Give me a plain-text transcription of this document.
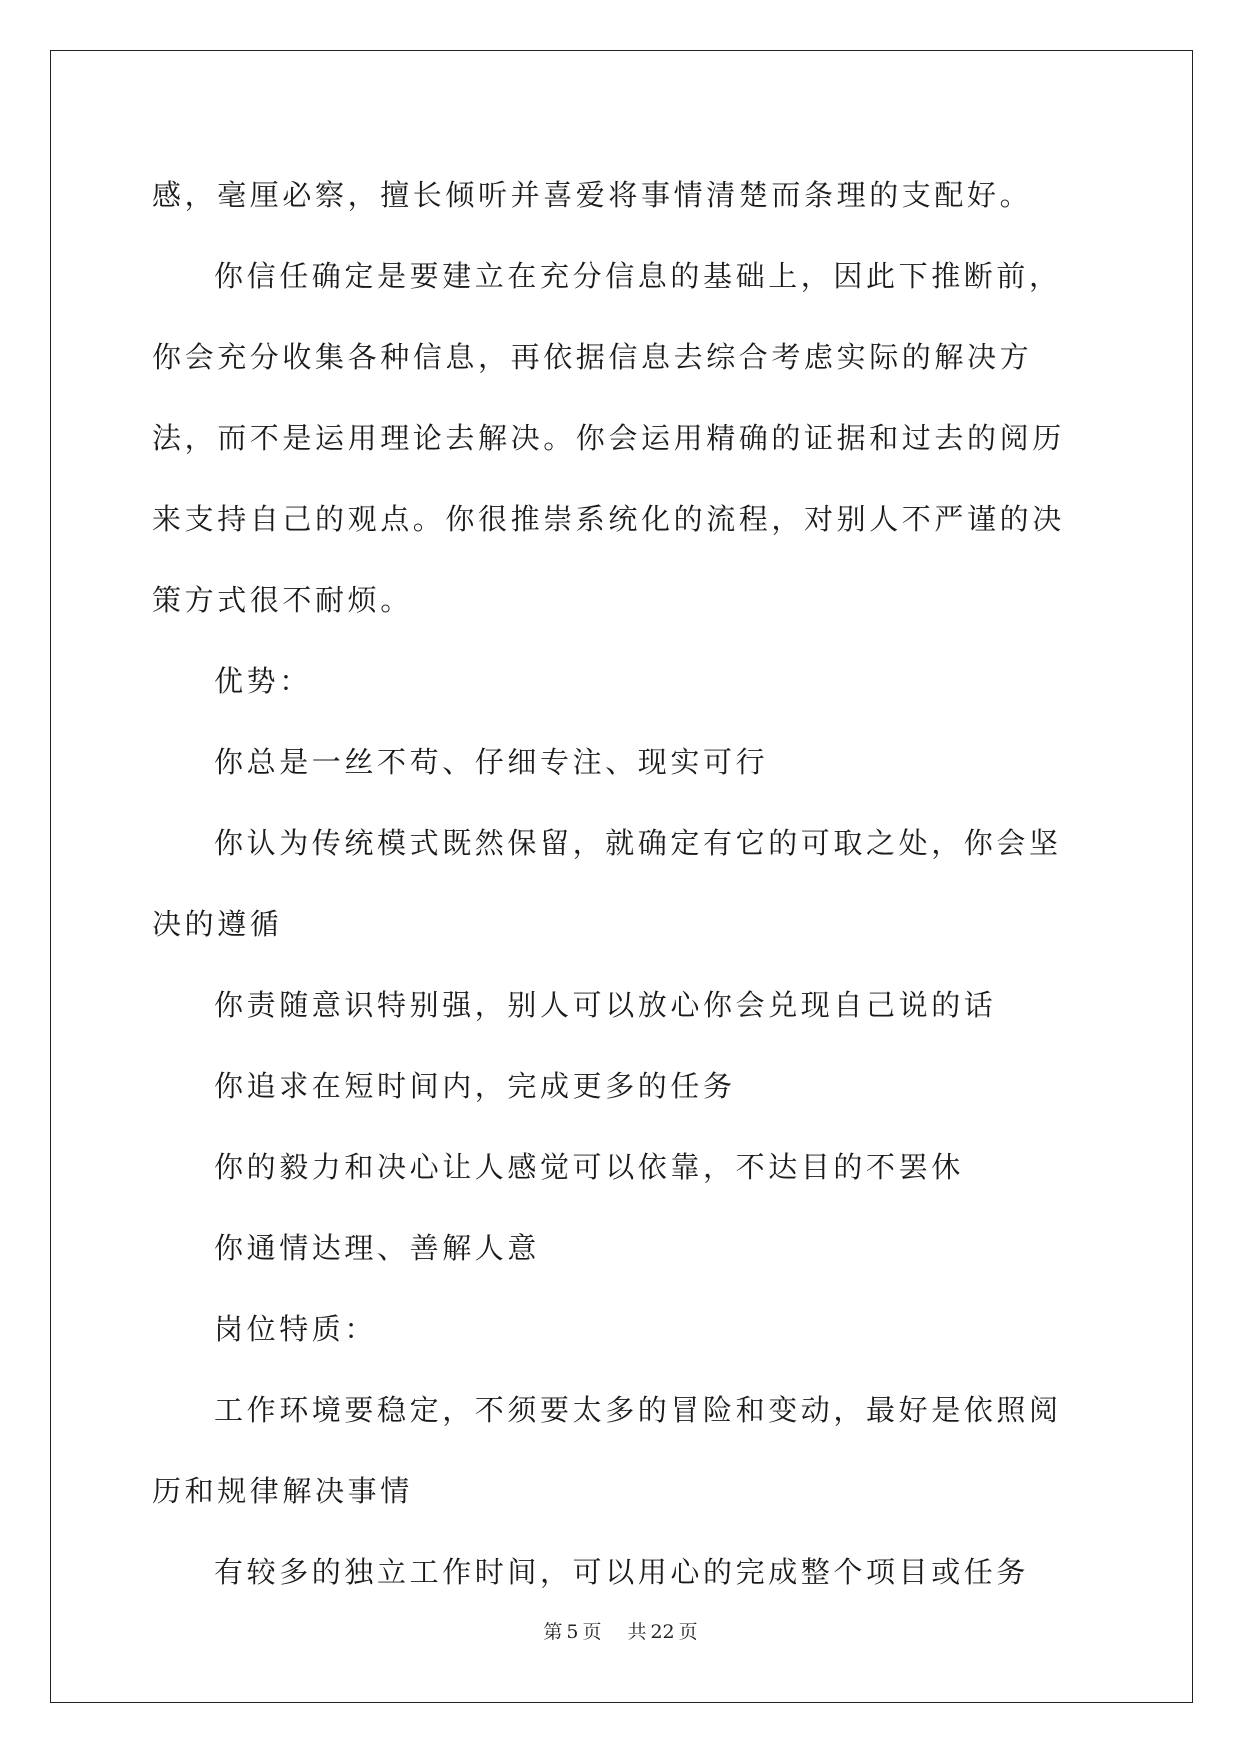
感，毫厘必察，擅长倾听并喜爱将事情清楚而条理的支配好。

你信任确定是要建立在充分信息的基础上，因此下推断前，你会充分收集各种信息，再依据信息去综合考虑实际的解决方法，而不是运用理论去解决。你会运用精确的证据和过去的阅历来支持自己的观点。你很推崇系统化的流程，对别人不严谨的决策方式很不耐烦。

优势：

你总是一丝不苟、仔细专注、现实可行

你认为传统模式既然保留，就确定有它的可取之处，你会坚决的遵循

你责随意识特别强，别人可以放心你会兑现自己说的话

你追求在短时间内，完成更多的任务

你的毅力和决心让人感觉可以依靠，不达目的不罢休

你通情达理、善解人意

岗位特质：

工作环境要稳定，不须要太多的冒险和变动，最好是依照阅历和规律解决事情

有较多的独立工作时间，可以用心的完成整个项目或任务

第 5 页 共 22 页
